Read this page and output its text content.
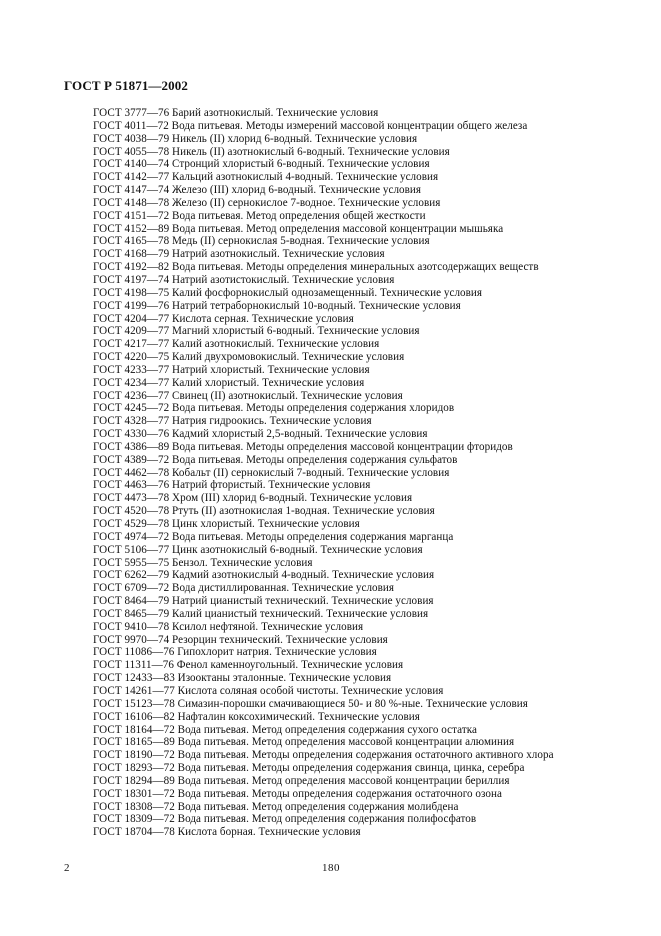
ГОСТ Р 51871—2002
ГОСТ 3777—76 Барий азотнокислый. Технические условия
ГОСТ 4011—72 Вода питьевая. Методы измерений массовой концентрации общего железа
ГОСТ 4038—79 Никель (II) хлорид 6-водный. Технические условия
ГОСТ 4055—78 Никель (II) азотнокислый 6-водный. Технические условия
ГОСТ 4140—74 Стронций хлористый 6-водный. Технические условия
ГОСТ 4142—77 Кальций азотнокислый 4-водный. Технические условия
ГОСТ 4147—74 Железо (III) хлорид 6-водный. Технические условия
ГОСТ 4148—78 Железо (II) сернокислое 7-водное. Технические условия
ГОСТ 4151—72 Вода питьевая. Метод определения общей жесткости
ГОСТ 4152—89 Вода питьевая. Метод определения массовой концентрации мышьяка
ГОСТ 4165—78 Медь (II) сернокислая 5-водная. Технические условия
ГОСТ 4168—79 Натрий азотнокислый. Технические условия
ГОСТ 4192—82 Вода питьевая. Методы определения минеральных азотсодержащих веществ
ГОСТ 4197—74 Натрий азотистокислый. Технические условия
ГОСТ 4198—75 Калий фосфорнокислый однозамещенный. Технические условия
ГОСТ 4199—76 Натрий тетраборнокислый 10-водный. Технические условия
ГОСТ 4204—77 Кислота серная. Технические условия
ГОСТ 4209—77 Магний хлористый 6-водный. Технические условия
ГОСТ 4217—77 Калий азотнокислый. Технические условия
ГОСТ 4220—75 Калий двухромовокислый. Технические условия
ГОСТ 4233—77 Натрий хлористый. Технические условия
ГОСТ 4234—77 Калий хлористый. Технические условия
ГОСТ 4236—77 Свинец (II) азотнокислый. Технические условия
ГОСТ 4245—72 Вода питьевая. Методы определения содержания хлоридов
ГОСТ 4328—77 Натрия гидроокись. Технические условия
ГОСТ 4330—76 Кадмий хлористый 2,5-водный. Технические условия
ГОСТ 4386—89 Вода питьевая. Методы определения массовой концентрации фторидов
ГОСТ 4389—72 Вода питьевая. Методы определения содержания сульфатов
ГОСТ 4462—78 Кобальт (II) сернокислый 7-водный. Технические условия
ГОСТ 4463—76 Натрий фтористый. Технические условия
ГОСТ 4473—78 Хром (III) хлорид 6-водный. Технические условия
ГОСТ 4520—78 Ртуть (II) азотнокислая 1-водная. Технические условия
ГОСТ 4529—78 Цинк хлористый. Технические условия
ГОСТ 4974—72 Вода питьевая. Методы определения содержания марганца
ГОСТ 5106—77 Цинк азотнокислый 6-водный. Технические условия
ГОСТ 5955—75 Бензол. Технические условия
ГОСТ 6262—79 Кадмий азотнокислый 4-водный. Технические условия
ГОСТ 6709—72 Вода дистиллированная. Технические условия
ГОСТ 8464—79 Натрий цианистый технический. Технические условия
ГОСТ 8465—79 Калий цианистый технический. Технические условия
ГОСТ 9410—78 Ксилол нефтяной. Технические условия
ГОСТ 9970—74 Резорцин технический. Технические условия
ГОСТ 11086—76 Гипохлорит натрия. Технические условия
ГОСТ 11311—76 Фенол каменноугольный. Технические условия
ГОСТ 12433—83 Изооктаны эталонные. Технические условия
ГОСТ 14261—77 Кислота соляная особой чистоты. Технические условия
ГОСТ 15123—78 Симазин-порошки смачивающиеся 50- и 80 %-ные. Технические условия
ГОСТ 16106—82 Нафталин коксохимический. Технические условия
ГОСТ 18164—72 Вода питьевая. Метод определения содержания сухого остатка
ГОСТ 18165—89 Вода питьевая. Метод определения массовой концентрации алюминия
ГОСТ 18190—72 Вода питьевая. Методы определения содержания остаточного активного хлора
ГОСТ 18293—72 Вода питьевая. Методы определения содержания свинца, цинка, серебра
ГОСТ 18294—89 Вода питьевая. Метод определения массовой концентрации бериллия
ГОСТ 18301—72 Вода питьевая. Методы определения содержания остаточного озона
ГОСТ 18308—72 Вода питьевая. Метод определения содержания молибдена
ГОСТ 18309—72 Вода питьевая. Метод определения содержания полифосфатов
ГОСТ 18704—78 Кислота борная. Технические условия
2	180
